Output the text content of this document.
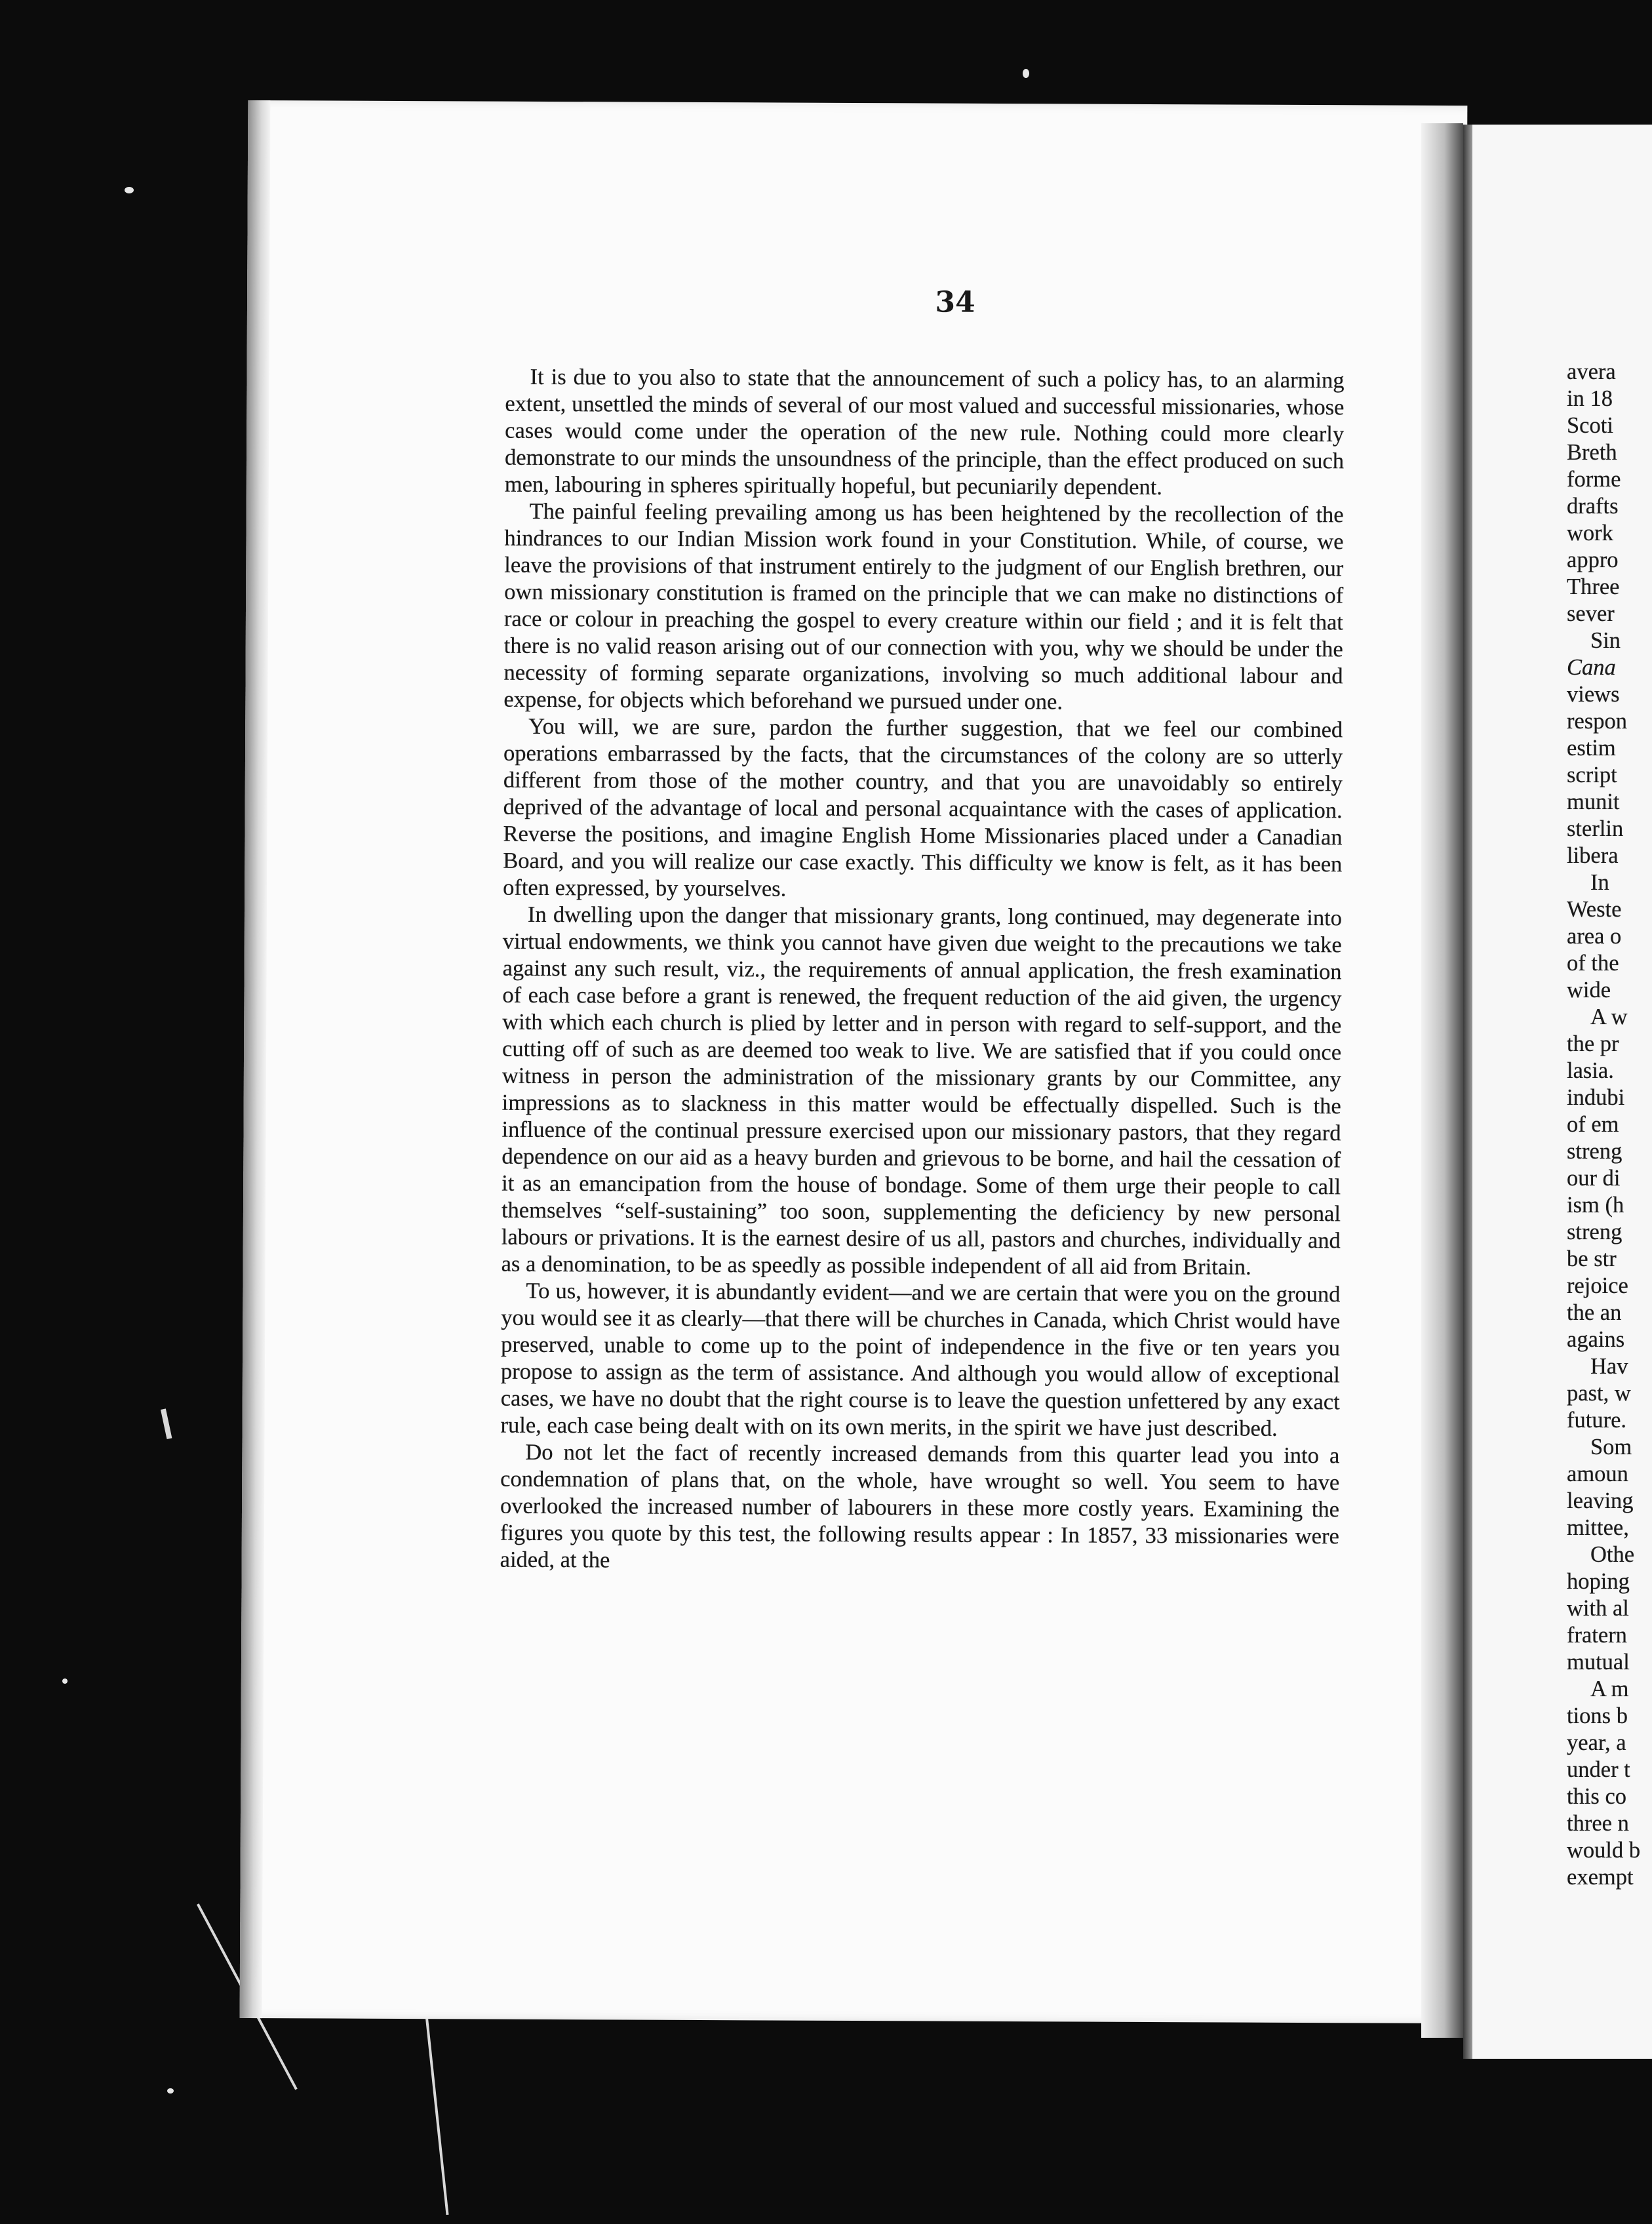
34

It is due to you also to state that the announcement of such a policy has, to an alarming extent, unsettled the minds of several of our most valued and successful missionaries, whose cases would come under the operation of the new rule. Nothing could more clearly demonstrate to our minds the unsoundness of the principle, than the effect produced on such men, labouring in spheres spiritually hopeful, but pecuniarily dependent.

The painful feeling prevailing among us has been heightened by the recollection of the hindrances to our Indian Mission work found in your Constitution. While, of course, we leave the provisions of that instrument entirely to the judgment of our English brethren, our own missionary constitution is framed on the principle that we can make no distinctions of race or colour in preaching the gospel to every creature within our field ; and it is felt that there is no valid reason arising out of our connection with you, why we should be under the necessity of forming separate organizations, involving so much additional labour and expense, for objects which beforehand we pursued under one.

You will, we are sure, pardon the further suggestion, that we feel our combined operations embarrassed by the facts, that the circumstances of the colony are so utterly different from those of the mother country, and that you are unavoidably so entirely deprived of the advantage of local and personal acquaintance with the cases of application. Reverse the positions, and imagine English Home Missionaries placed under a Canadian Board, and you will realize our case exactly. This difficulty we know is felt, as it has been often expressed, by yourselves.

In dwelling upon the danger that missionary grants, long continued, may degenerate into virtual endowments, we think you cannot have given due weight to the precautions we take against any such result, viz., the requirements of annual application, the fresh examination of each case before a grant is renewed, the frequent reduction of the aid given, the urgency with which each church is plied by letter and in person with regard to self-support, and the cutting off of such as are deemed too weak to live. We are satisfied that if you could once witness in person the administration of the missionary grants by our Committee, any impressions as to slackness in this matter would be effectually dispelled. Such is the influence of the continual pressure exercised upon our missionary pastors, that they regard dependence on our aid as a heavy burden and grievous to be borne, and hail the cessation of it as an emancipation from the house of bondage. Some of them urge their people to call themselves “self-sustaining” too soon, supplementing the deficiency by new personal labours or privations. It is the earnest desire of us all, pastors and churches, individually and as a denomination, to be as speedly as possible independent of all aid from Britain.

To us, however, it is abundantly evident—and we are certain that were you on the ground you would see it as clearly—that there will be churches in Canada, which Christ would have preserved, unable to come up to the point of independence in the five or ten years you propose to assign as the term of assistance. And although you would allow of exceptional cases, we have no doubt that the right course is to leave the question unfettered by any exact rule, each case being dealt with on its own merits, in the spirit we have just described.

Do not let the fact of recently increased demands from this quarter lead you into a condemnation of plans that, on the whole, have wrought so well. You seem to have overlooked the increased number of labourers in these more costly years. Examining the figures you quote by this test, the following results appear : In 1857, 33 missionaries were aided, at the

avera
in 18
Scoti
Breth
forme
drafts
work
appro
Three
sever
Sin
Cana
views
respon
estim
script
munit
sterlin
libera
In
Weste
area o
of the
wide
A w
the pr
lasia.
indubi
of em
streng
our di
ism (h
streng
be str
rejoice
the an
agains
Hav
past, w
future.
Som
amoun
leaving
mittee,
Othe
hoping
with al
fratern
mutual
A m
tions b
year, a
under t
this co
three n
would b
exempt
